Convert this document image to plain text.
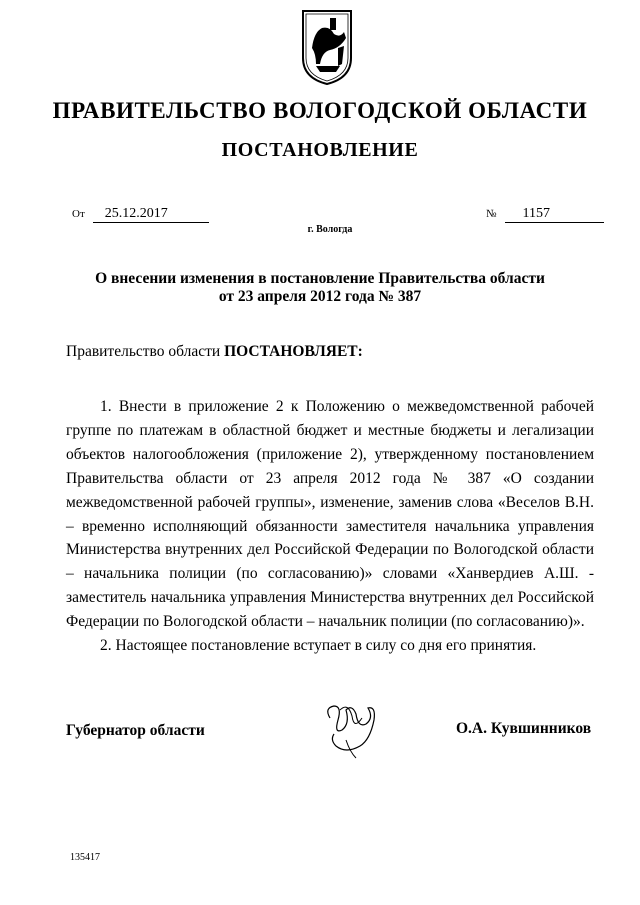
ПРАВИТЕЛЬСТВО ВОЛОГОДСКОЙ ОБЛАСТИ
ПОСТАНОВЛЕНИЕ
От 25.12.2017	№ 1157
г. Вологда
О внесении изменения в постановление Правительства области
от 23 апреля 2012 года № 387
Правительство области ПОСТАНОВЛЯЕТ:

1. Внести в приложение 2 к Положению о межведомственной рабочей группе по платежам в областной бюджет и местные бюджеты и легализации объектов налогообложения (приложение 2), утвержденному постановлением Правительства области от 23 апреля 2012 года № 387 «О создании межведомственной рабочей группы», изменение, заменив слова «Веселов В.Н. – временно исполняющий обязанности заместителя начальника управления Министерства внутренних дел Российской Федерации по Вологодской области – начальника полиции (по согласованию)» словами «Ханвердиев А.Ш. - заместитель начальника управления Министерства внутренних дел Российской Федерации по Вологодской области – начальник полиции (по согласованию)».

2. Настоящее постановление вступает в силу со дня его принятия.

Губернатор области	О.А. Кувшинников
135417
